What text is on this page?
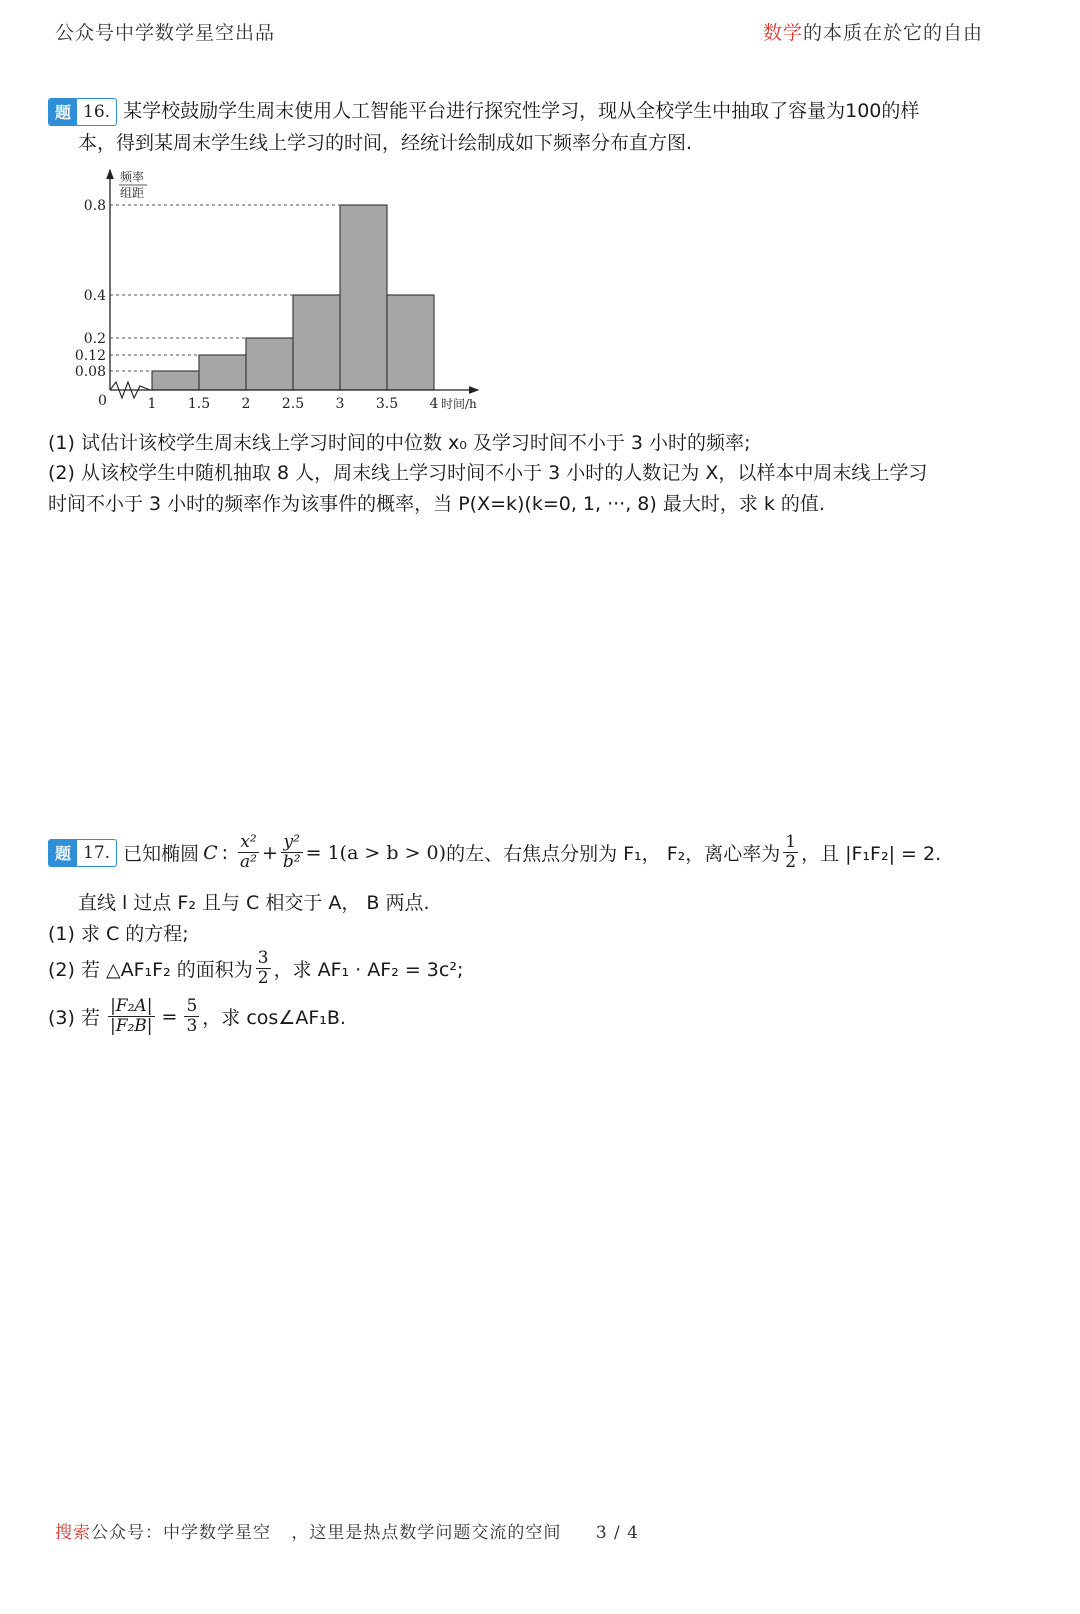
公众号中学数学星空出品	数学的本质在於它的自由
题 16. 某学校鼓励学生周末使用人工智能平台进行探究性学习，现从全校学生中抽取了容量为100的样
本，得到某周末学生线上学习的时间，经统计绘制成如下频率分布直方图.
频率
组距
0	时间/h
1 1.5 2 2.5 3 3.5 4
0.08
0.12
0.2
0.4
0.8
(1) 试估计该校学生周末线上学习时间的中位数 x₀ 及学习时间不小于 3 小时的频率;
(2) 从该校学生中随机抽取 8 人，周末线上学习时间不小于 3 小时的人数记为 X，以样本中周末线上学习
时间不小于 3 小时的频率作为该事件的概率，当 P(X=k)(k=0, 1, ···, 8) 最大时，求 k 的值.
题 17. 已知椭圆 C : $\frac{\text{x²}}{\text{a²}} + \frac{\text{y²}}{\text{b²}} = 1(a > b > 0)$ 的左、右焦点分别为 F₁， F₂，离心率为 $\frac{1}{2}$ ，且 |F₁F₂| = 2.
直线 l 过点 F₂ 且与 C 相交于 A， B 两点.
(1) 求 C 的方程;
(2) 若 △AF₁F₂ 的面积为 $\frac{3}{2}$ ，求 AF₁ · AF₂ = 3c²;
(3) 若 $\frac{\text{|F₂A|}}{\text{|F₂B|}} = \frac{5}{3}$ ，求 cos∠AF₁B.
搜索公众号：中学数学星空 ，这里是热点数学问题交流的空间 3 / 4
